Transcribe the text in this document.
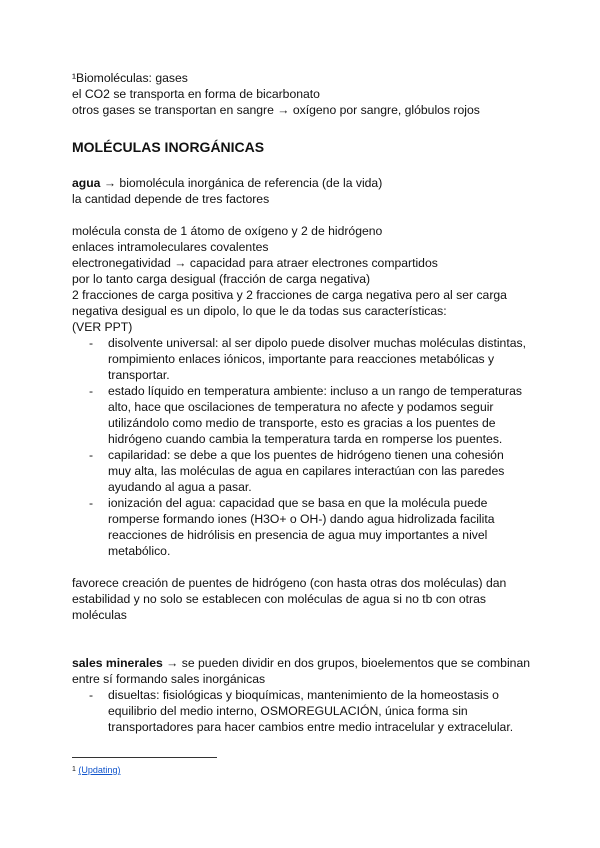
¹Biomoléculas: gases
el CO2 se transporta en forma de bicarbonato
otros gases se transportan en sangre → oxígeno por sangre, glóbulos rojos
MOLÉCULAS INORGÁNICAS
agua → biomolécula inorgánica de referencia (de la vida)
la cantidad depende de tres factores
molécula consta de 1 átomo de oxígeno y 2 de hidrógeno
enlaces intramoleculares covalentes
electronegatividad → capacidad para atraer electrones compartidos
por lo tanto carga desigual (fracción de carga negativa)
2 fracciones de carga positiva y 2 fracciones de carga negativa pero al ser carga
negativa desigual es un dipolo, lo que le da todas sus características:
(VER PPT)
- disolvente universal: al ser dipolo puede disolver muchas moléculas distintas,
rompimiento enlaces iónicos, importante para reacciones metabólicas y
transportar.
- estado líquido en temperatura ambiente: incluso a un rango de temperaturas
alto, hace que oscilaciones de temperatura no afecte y podamos seguir
utilizándolo como medio de transporte, esto es gracias a los puentes de
hidrógeno cuando cambia la temperatura tarda en romperse los puentes.
- capilaridad: se debe a que los puentes de hidrógeno tienen una cohesión
muy alta, las moléculas de agua en capilares interactúan con las paredes
ayudando al agua a pasar.
- ionización del agua: capacidad que se basa en que la molécula puede
romperse formando iones (H3O+ o OH-) dando agua hidrolizada facilita
reacciones de hidrólisis en presencia de agua muy importantes a nivel
metabólico.
favorece creación de puentes de hidrógeno (con hasta otras dos moléculas) dan
estabilidad y no solo se establecen con moléculas de agua si no tb con otras
moléculas
sales minerales → se pueden dividir en dos grupos, bioelementos que se combinan
entre sí formando sales inorgánicas
- disueltas: fisiológicas y bioquímicas, mantenimiento de la homeostasis o
equilibrio del medio interno, OSMOREGULACIÓN, única forma sin
transportadores para hacer cambios entre medio intracelular y extracelular.
$^1$ (Updating)
